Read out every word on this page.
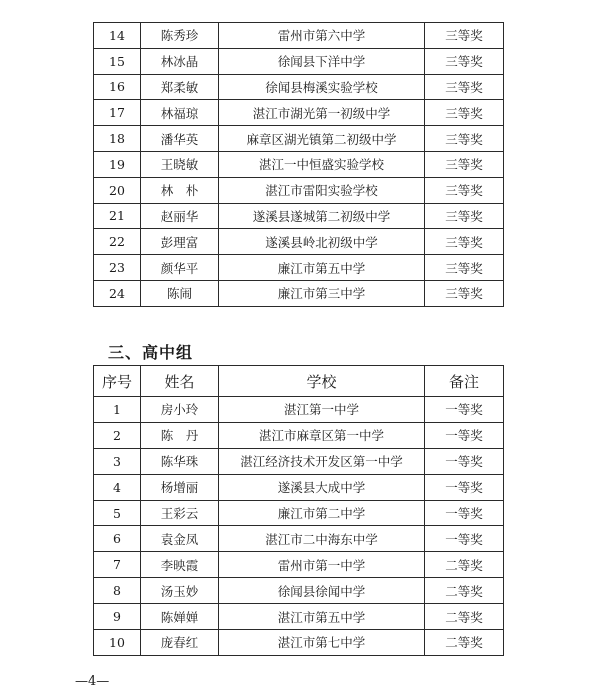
14	陈秀珍	雷州市第六中学	三等奖
15	林冰晶	徐闻县下洋中学	三等奖
16	郑柔敏	徐闻县梅溪实验学校	三等奖
17	林福琼	湛江市湖光第一初级中学	三等奖
18	潘华英	麻章区湖光镇第二初级中学	三等奖
19	王晓敏	湛江一中恒盛实验学校	三等奖
20	林　朴	湛江市雷阳实验学校	三等奖
21	赵丽华	遂溪县遂城第二初级中学	三等奖
22	彭理富	遂溪县岭北初级中学	三等奖
23	颜华平	廉江市第五中学	三等奖
24	陈闹	廉江市第三中学	三等奖
三、高中组
序号	姓名	学校	备注
1	房小玲	湛江第一中学	一等奖
2	陈　丹	湛江市麻章区第一中学	一等奖
3	陈华珠	湛江经济技术开发区第一中学	一等奖
4	杨增丽	遂溪县大成中学	一等奖
5	王彩云	廉江市第二中学	一等奖
6	袁金凤	湛江市二中海东中学	一等奖
7	李映霞	雷州市第一中学	二等奖
8	汤玉妙	徐闻县徐闻中学	二等奖
9	陈婵婵	湛江市第五中学	二等奖
10	庞春红	湛江市第七中学	二等奖
—4—
